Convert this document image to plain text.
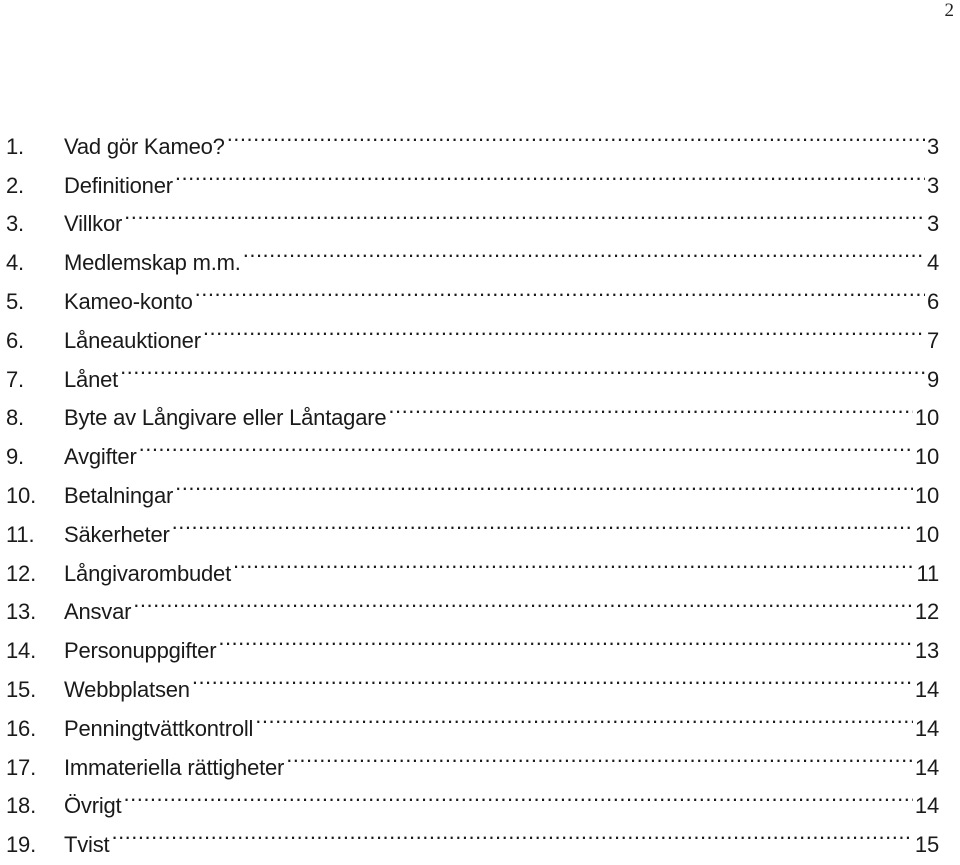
2
1.	Vad gör Kameo? .....	3
2.	Definitioner .....	3
3.	Villkor .....	3
4.	Medlemskap m.m. .....	4
5.	Kameo-konto .....	6
6.	Låneauktioner .....	7
7.	Lånet .....	9
8.	Byte av Långivare eller Låntagare .....	10
9.	Avgifter .....	10
10.	Betalningar .....	10
11.	Säkerheter .....	10
12.	Långivarombudet .....	11
13.	Ansvar .....	12
14.	Personuppgifter .....	13
15.	Webbplatsen .....	14
16.	Penningtvättkontroll .....	14
17.	Immateriella rättigheter .....	14
18.	Övrigt .....	14
19.	Tvist .....	15
